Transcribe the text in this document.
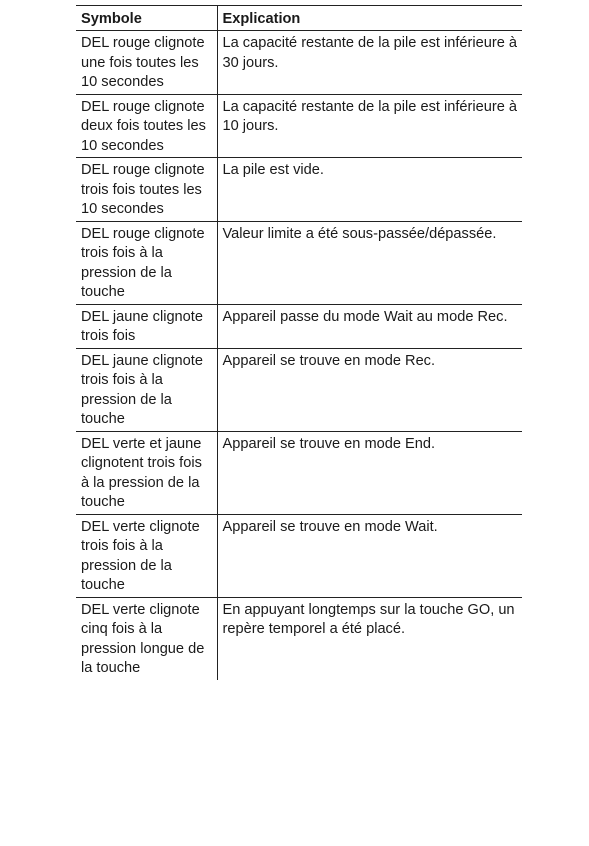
Symbole	Explication
DEL rouge clignote une fois toutes les 10 secondes	La capacité restante de la pile est inférieure à 30 jours.
DEL rouge clignote deux fois toutes les 10 secondes	La capacité restante de la pile est inférieure à 10 jours.
DEL rouge clignote trois fois toutes les 10 secondes	La pile est vide.
DEL rouge clignote trois fois à la pression de la touche	Valeur limite a été sous-passée/dépassée.
DEL jaune clignote trois fois	Appareil passe du mode Wait au mode Rec.
DEL jaune clignote trois fois à la pression de la touche	Appareil se trouve en mode Rec.
DEL verte et jaune clignotent trois fois à la pression de la touche	Appareil se trouve en mode End.
DEL verte clignote trois fois à la pression de la touche	Appareil se trouve en mode Wait.
DEL verte clignote cinq fois à la pression longue de la touche	En appuyant longtemps sur la touche GO, un repère temporel a été placé.
